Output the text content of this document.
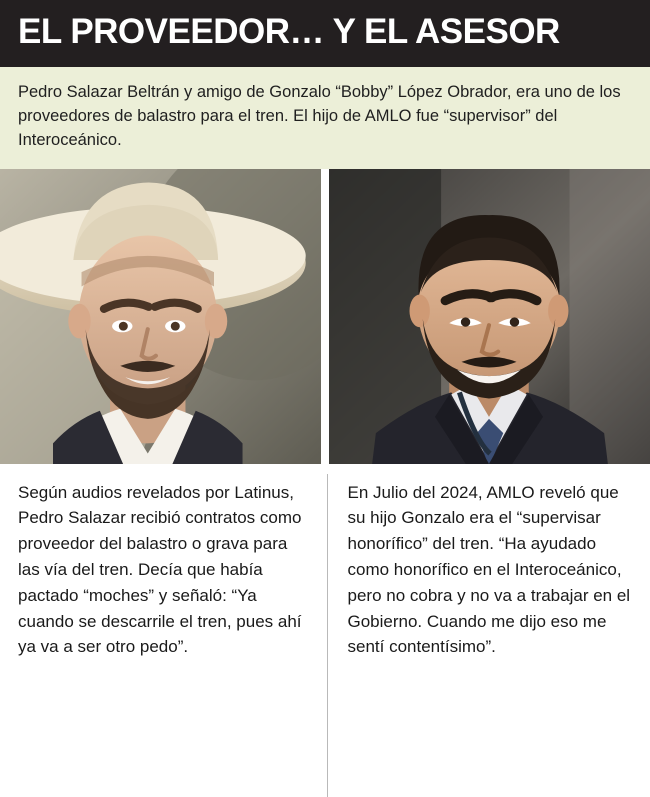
EL PROVEEDOR… Y EL ASESOR

Pedro Salazar Beltrán y amigo de Gonzalo “Bobby” López Obrador, era uno de los proveedores de balastro para el tren. El hijo de AMLO fue “supervisor” del Interoceánico.

Según audios revelados por Latinus, Pedro Salazar recibió contratos como proveedor del balastro o grava para las vía del tren. Decía que había pactado “moches” y señaló: “Ya cuando se descarrile el tren, pues ahí ya va a ser otro pedo”.

En Julio del 2024, AMLO reveló que su hijo Gonzalo era el “supervisar honorífico” del tren. “Ha ayudado como honorífico en el Interoceánico, pero no cobra y no va a trabajar en el Gobierno. Cuando me dijo eso me sentí contentísimo”.
